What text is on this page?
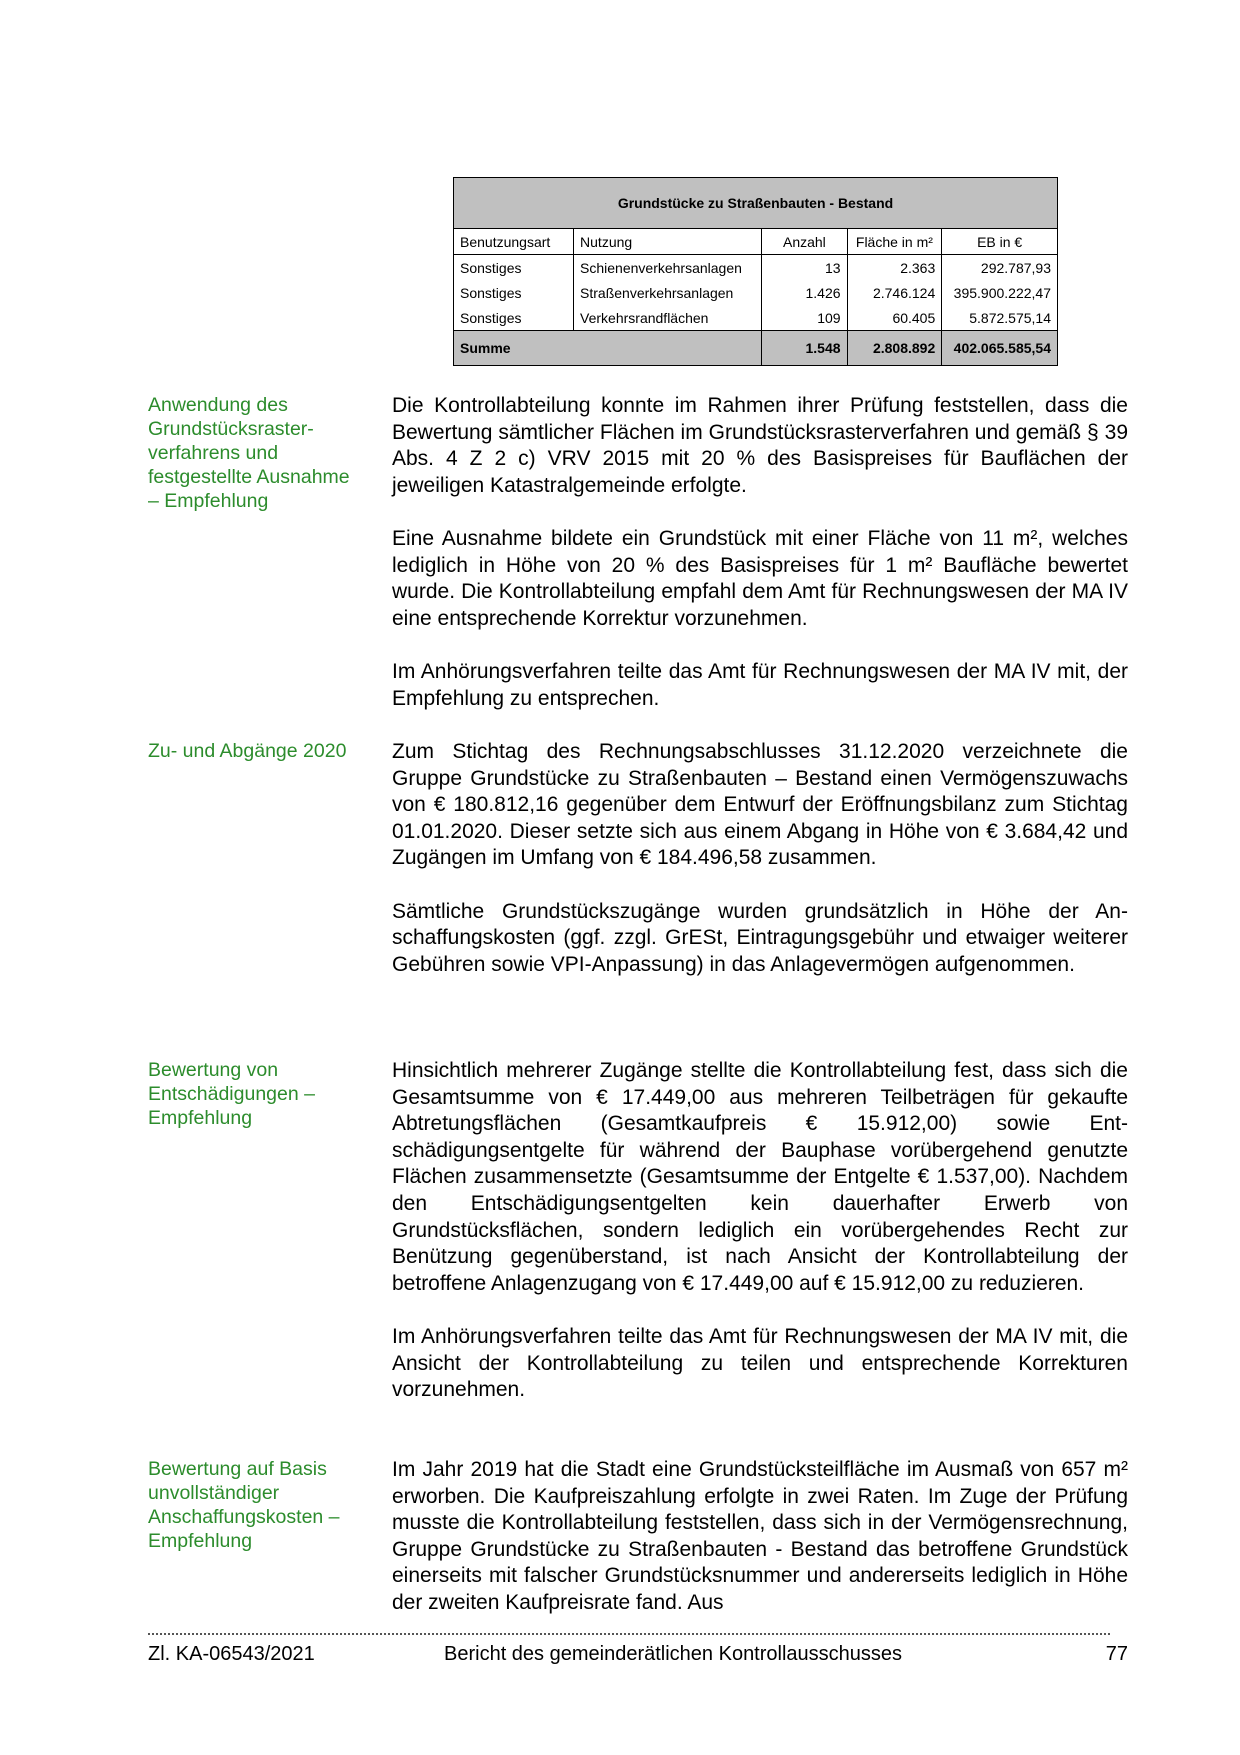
Grundstücke zu Straßenbauten - Bestand				
Benutzungsart	Nutzung	Anzahl	Fläche in m²	EB in €
Sonstiges	Schienenverkehrsanlagen	13	2.363	292.787,93
Sonstiges	Straßenverkehrsanlagen	1.426	2.746.124	395.900.222,47
Sonstiges	Verkehrsrandflächen	109	60.405	5.872.575,14
Summe		1.548	2.808.892	402.065.585,54
Anwendung des
Grundstücksraster-
verfahrens und
festgestellte Ausnahme
– Empfehlung

Die Kontrollabteilung konnte im Rahmen ihrer Prüfung feststellen, dass die Bewertung sämtlicher Flächen im Grundstücksrasterverfahren und gemäß § 39 Abs. 4 Z 2 c) VRV 2015 mit 20 % des Basispreises für Bauflächen der jeweiligen Katastralgemeinde erfolgte.

Eine Ausnahme bildete ein Grundstück mit einer Fläche von 11 m², welches lediglich in Höhe von 20 % des Basispreises für 1 m² Baufläche bewertet wurde. Die Kontrollabteilung empfahl dem Amt für Rechnungswesen der MA IV eine entsprechende Korrektur vorzunehmen.

Im Anhörungsverfahren teilte das Amt für Rechnungswesen der MA IV mit, der Empfehlung zu entsprechen.

Zu- und Abgänge 2020	Zum Stichtag des Rechnungsabschlusses 31.12.2020 verzeichnete die Gruppe Grundstücke zu Straßenbauten – Bestand einen Vermögenszuwachs von € 180.812,16 gegenüber dem Entwurf der Eröffnungsbilanz zum Stichtag 01.01.2020. Dieser setzte sich aus einem Abgang in Höhe von € 3.684,42 und Zugängen im Umfang von € 184.496,58 zusammen.

Sämtliche Grundstückszugänge wurden grundsätzlich in Höhe der Anschaffungskosten (ggf. zzgl. GrESt, Eintragungsgebühr und etwaiger weiterer Gebühren sowie VPI-Anpassung) in das Anlagevermögen aufgenommen.

Bewertung von
Entschädigungen –
Empfehlung

Hinsichtlich mehrerer Zugänge stellte die Kontrollabteilung fest, dass sich die Gesamtsumme von € 17.449,00 aus mehreren Teilbeträgen für gekaufte Abtretungsflächen (Gesamtkaufpreis € 15.912,00) sowie Entschädigungsentgelte für während der Bauphase vorübergehend genutzte Flächen zusammensetzte (Gesamtsumme der Entgelte € 1.537,00). Nachdem den Entschädigungsentgelten kein dauerhafter Erwerb von Grundstücksflächen, sondern lediglich ein vorübergehendes Recht zur Benützung gegenüberstand, ist nach Ansicht der Kontrollabteilung der betroffene Anlagenzugang von € 17.449,00 auf € 15.912,00 zu reduzieren.

Im Anhörungsverfahren teilte das Amt für Rechnungswesen der MA IV mit, die Ansicht der Kontrollabteilung zu teilen und entsprechende Korrekturen vorzunehmen.

Bewertung auf Basis
unvollständiger
Anschaffungskosten –
Empfehlung

Im Jahr 2019 hat die Stadt eine Grundstücksteilfläche im Ausmaß von 657 m² erworben. Die Kaufpreiszahlung erfolgte in zwei Raten. Im Zuge der Prüfung musste die Kontrollabteilung feststellen, dass sich in der Vermögensrechnung, Gruppe Grundstücke zu Straßenbauten - Bestand das betroffene Grundstück einerseits mit falscher Grundstücksnummer und andererseits lediglich in Höhe der zweiten Kaufpreisrate fand. Aus

Zl. KA-06543/2021	Bericht des gemeinderätlichen Kontrollausschusses	77
